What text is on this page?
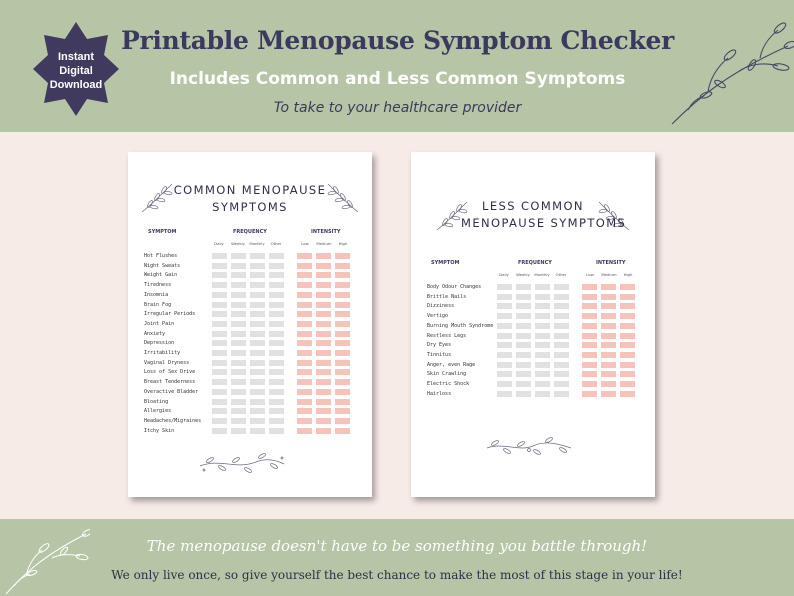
Instant
Digital
Download
Printable Menopause Symptom Checker
Includes Common and Less Common Symptoms
To take to your healthcare provider
COMMON MENOPAUSE
SYMPTOMS
SYMPTOM	FREQUENCY	INTENSITY
Daily	Weekly	Monthly	Other	Low	Medium	High
Hot Flushes
Night Sweats
Weight Gain
Tiredness
Insomnia
Brain Fog
Irregular Periods
Joint Pain
Anxiety
Depression
Irritability
Vaginal Dryness
Loss of Sex Drive
Breast Tenderness
Overactive Bladder
Bloating
Allergies
Headaches/Migraines
Itchy Skin
LESS COMMON
MENOPAUSE SYMPTOMS
SYMPTOM	FREQUENCY	INTENSITY
Daily	Weekly	Monthly	Other	Low	Medium	High
Body Odour Changes
Brittle Nails
Dizziness
Vertigo
Burning Mouth Syndrome
Restless Legs
Dry Eyes
Tinnitus
Anger, even Rage
Skin Crawling
Electric Shock
Hairloss
The menopause doesn't have to be something you battle through!
We only live once, so give yourself the best chance to make the most of this stage in your life!
